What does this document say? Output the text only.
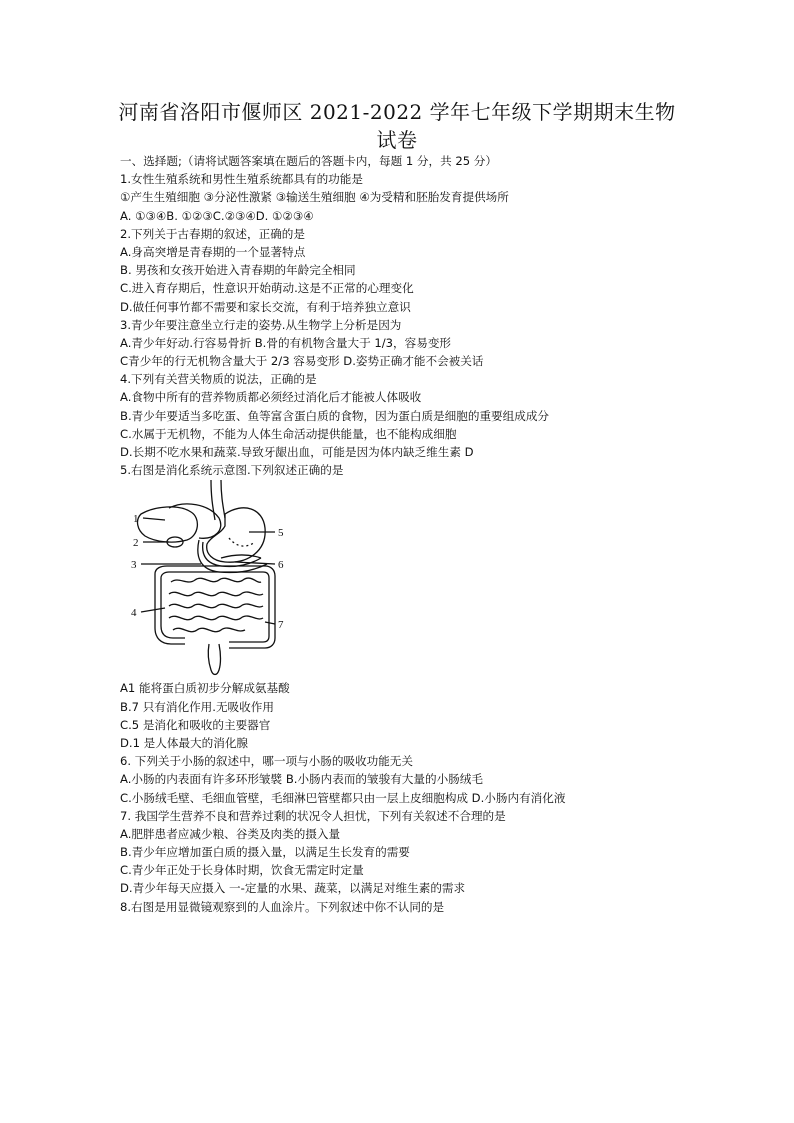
河南省洛阳市偃师区 2021-2022 学年七年级下学期期末生物
试卷
一、选择题;（请将试题答案填在题后的答题卡内，每题 1 分，共 25 分）
1.女性生殖系统和男性生殖系统都具有的功能是
①产生生殖细胞 ③分泌性激紧 ③输送生殖细胞 ④为受精和胚胎发育提供场所
A. ①③④B. ①②③C.②③④D. ①②③④
2.下列关于古春期的叙述，正确的是
A.身高突增是青春期的一个显著特点
B. 男孩和女孩开始进入青春期的年龄完全相同
C.进入育存期后，性意识开始萌动.这是不正常的心理变化
D.做任何事竹都不需要和家长交流，有利于培养独立意识
3.青少年要注意坐立行走的姿势.从生物学上分析是因为
A.青少年好动.行容易骨折 B.骨的有机物含量大于 1/3，容易变形
C青少年的行无机物含量大于 2/3 容易变形 D.姿势正确才能不会被关话
4.下列有关营关物质的说法，正确的是
A.食物中所有的营养物质都必须经过消化后才能被人体吸收
B.青少年要适当多吃蛋、鱼等富含蛋白质的食物，因为蛋白质是细胞的重要组成成分
C.水属于无机物，不能为人体生命活动提供能量，也不能构成细胞
D.长期不吃水果和蔬菜.导致牙龈出血，可能是因为体内缺乏维生素 D
5.右图是消化系统示意图.下列叙述正确的是
A1 能将蛋白质初步分解成氨基酸
B.7 只有消化作用.无吸收作用
C.5 是消化和吸收的主要器官
D.1 是人体最大的消化腺
6. 下列关于小肠的叙述中，哪一项与小肠的吸收功能无关
A.小肠的内表面有许多环形皱襞 B.小肠内表而的皱骏有大量的小肠绒毛
C.小肠绒毛壁、毛细血管壁，毛细淋巴管壁都只由一层上皮细胞构成 D.小肠内有消化液
7. 我国学生营养不良和营养过剩的状况令人担忧，下列有关叙述不合理的是
A.肥胖患者应减少粮、谷类及肉类的摄入量
B.青少年应增加蛋白质的摄入量，以满足生长发育的需要
C.青少年正处于长身体时期，饮食无需定时定量
D.青少年每天应摄入 一-定量的水果、蔬菜，以满足对维生素的需求
8.右图是用显微镜观察到的人血涂片。下列叙述中你不认同的是
1
2
3
4
5
6
7
